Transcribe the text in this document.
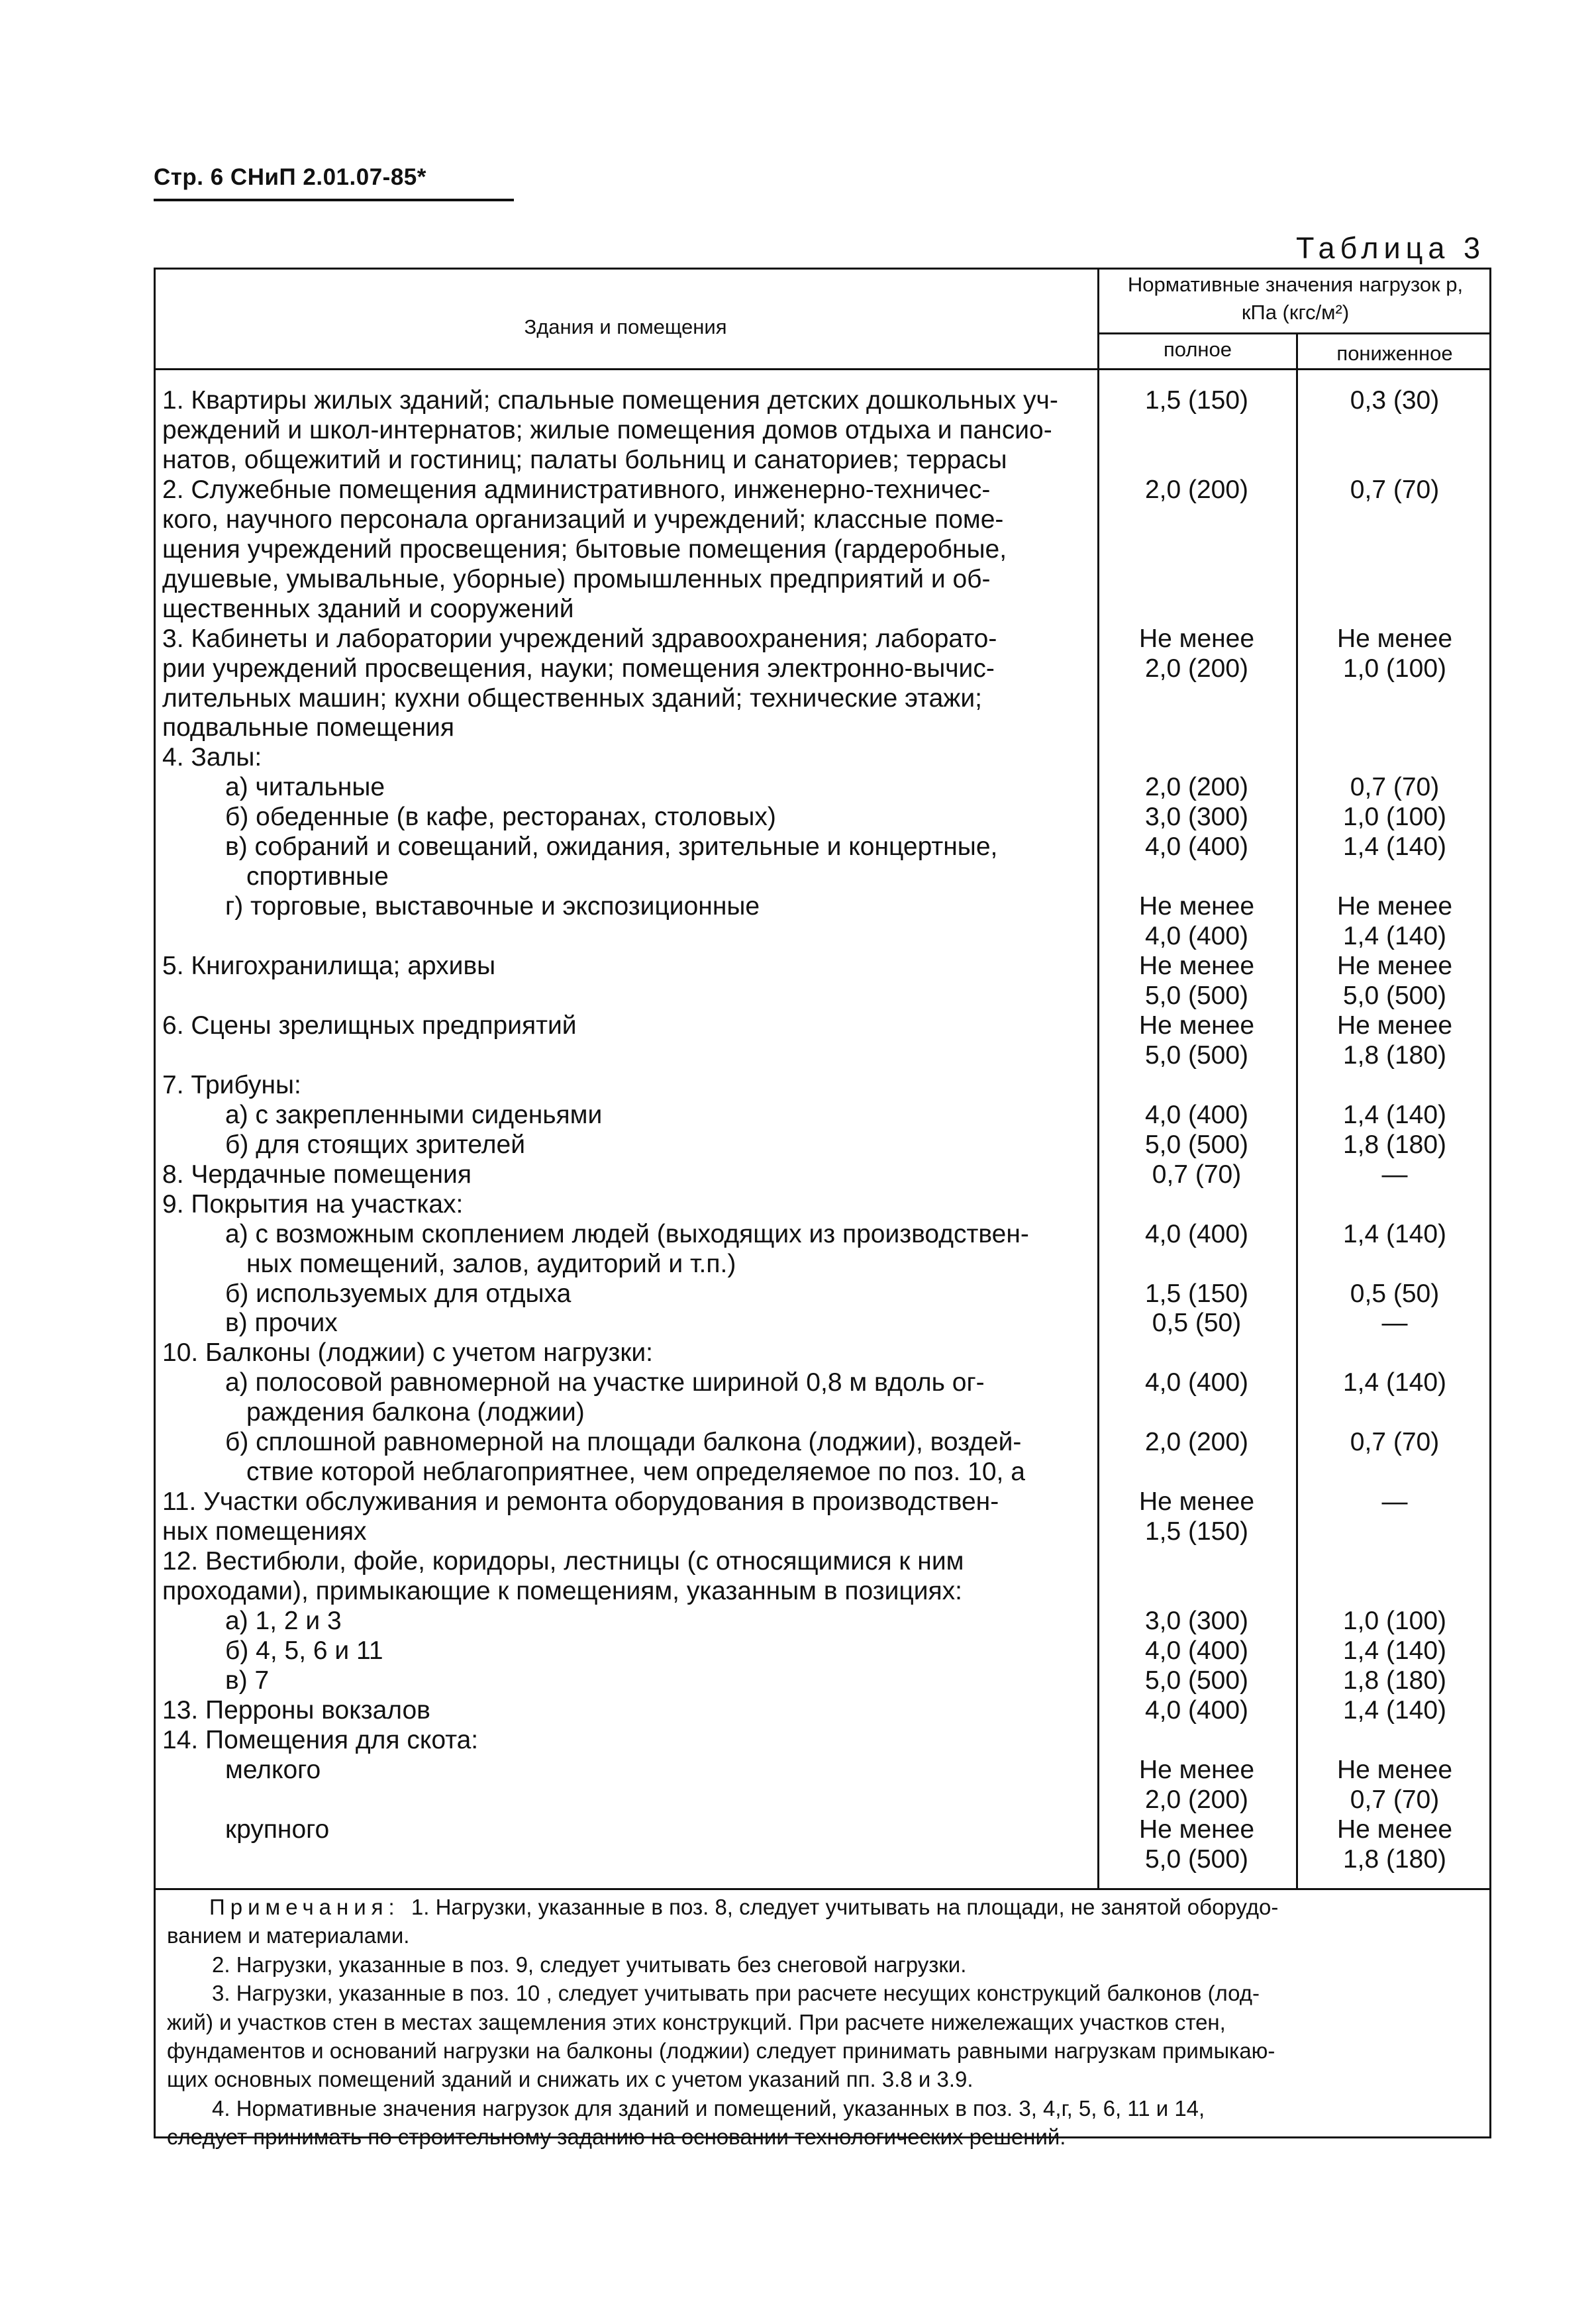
Стр. 6 СНиП 2.01.07-85*
Таблица 3
Здания и помещения
Нормативные значения нагрузок p,
кПа (кгс/м²)
полное	пониженное
1. Квартиры жилых зданий; спальные помещения детских дошкольных уч-	1,5 (150)	0,3 (30)
реждений и школ-интернатов; жилые помещения домов отдыха и пансио-
натов, общежитий и гостиниц; палаты больниц и санаториев; террасы
2. Служебные помещения административного, инженерно-техничес-	2,0 (200)	0,7 (70)
кого, научного персонала организаций и учреждений; классные поме-
щения учреждений просвещения; бытовые помещения (гардеробные,
душевые, умывальные, уборные) промышленных предприятий и об-
щественных зданий и сооружений
3. Кабинеты и лаборатории учреждений здравоохранения; лаборато-	Не менее	Не менее
рии учреждений просвещения, науки; помещения электронно-вычис-	2,0 (200)	1,0 (100)
лительных машин; кухни общественных зданий; технические этажи;
подвальные помещения
4. Залы:
а) читальные	2,0 (200)	0,7 (70)
б) обеденные (в кафе, ресторанах, столовых)	3,0 (300)	1,0 (100)
в) собраний и совещаний, ожидания, зрительные и концертные,	4,0 (400)	1,4 (140)
спортивные
г) торговые, выставочные и экспозиционные	Не менее	Не менее
4,0 (400)	1,4 (140)
5. Книгохранилища; архивы	Не менее	Не менее
5,0 (500)	5,0 (500)
6. Сцены зрелищных предприятий	Не менее	Не менее
5,0 (500)	1,8 (180)
7. Трибуны:
а) с закрепленными сиденьями	4,0 (400)	1,4 (140)
б) для стоящих зрителей	5,0 (500)	1,8 (180)
8. Чердачные помещения	0,7 (70)	—
9. Покрытия на участках:
а) с возможным скоплением людей (выходящих из производствен-	4,0 (400)	1,4 (140)
ных помещений, залов, аудиторий и т.п.)
б) используемых для отдыха	1,5 (150)	0,5 (50)
в) прочих	0,5 (50)	—
10. Балконы (лоджии) с учетом нагрузки:
а) полосовой равномерной на участке шириной 0,8 м вдоль ог-	4,0 (400)	1,4 (140)
раждения балкона (лоджии)
б) сплошной равномерной на площади балкона (лоджии), воздей-	2,0 (200)	0,7 (70)
ствие которой неблагоприятнее, чем определяемое по поз. 10, а
11. Участки обслуживания и ремонта оборудования в производствен-	Не менее	—
ных помещениях	1,5 (150)
12. Вестибюли, фойе, коридоры, лестницы (с относящимися к ним
проходами), примыкающие к помещениям, указанным в позициях:
а) 1, 2 и 3	3,0 (300)	1,0 (100)
б) 4, 5, 6 и 11	4,0 (400)	1,4 (140)
в) 7	5,0 (500)	1,8 (180)
13. Перроны вокзалов	4,0 (400)	1,4 (140)
14. Помещения для скота:
мелкого	Не менее	Не менее
2,0 (200)	0,7 (70)
крупного	Не менее	Не менее
5,0 (500)	1,8 (180)
Примечания: 1. Нагрузки, указанные в поз. 8, следует учитывать на площади, не занятой оборудо-
ванием и материалами.
2. Нагрузки, указанные в поз. 9, следует учитывать без снеговой нагрузки.
3. Нагрузки, указанные в поз. 10 , следует учитывать при расчете несущих конструкций балконов (лод-
жий) и участков стен в местах защемления этих конструкций. При расчете нижележащих участков стен,
фундаментов и оснований нагрузки на балконы (лоджии) следует принимать равными нагрузкам примыкаю-
щих основных помещений зданий и снижать их с учетом указаний пп. 3.8 и 3.9.
4. Нормативные значения нагрузок для зданий и помещений, указанных в поз. 3, 4,г, 5, 6, 11 и 14,
следует принимать по строительному заданию на основании технологических решений.
